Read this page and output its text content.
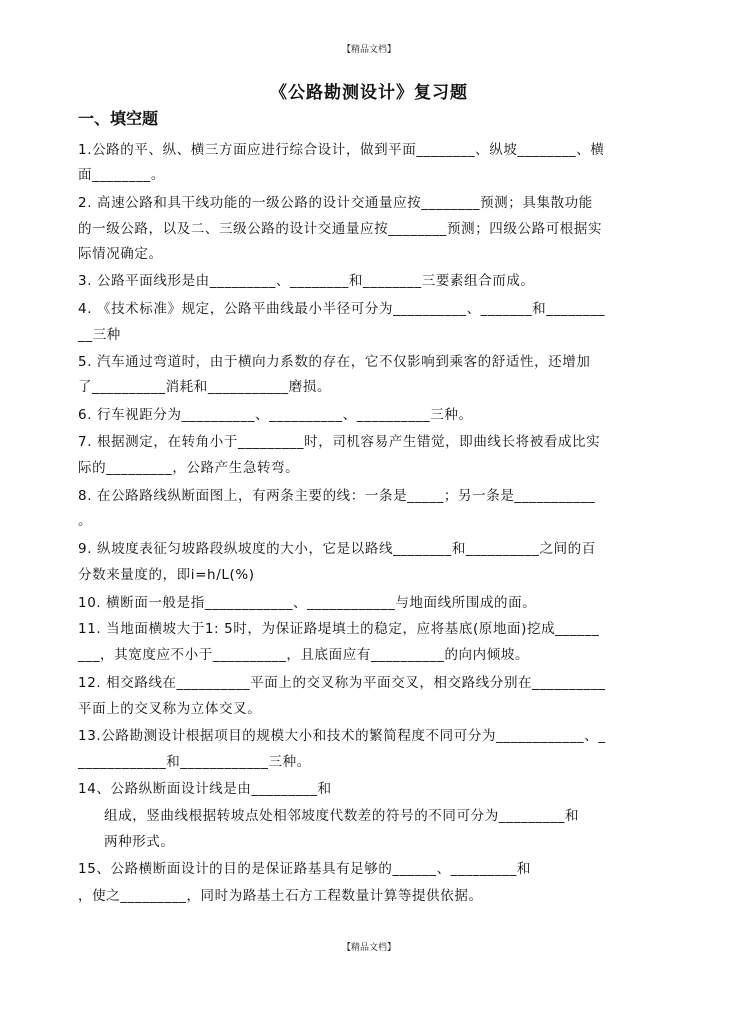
【精品文档】
《公路勘测设计》复习题
一、填空题
1.公路的平、纵、横三方面应进行综合设计，做到平面________、纵坡________、横
面________。
2. 高速公路和具干线功能的一级公路的设计交通量应按________预测；具集散功能
的一级公路，以及二、三级公路的设计交通量应按________预测；四级公路可根据实
际情况确定。
3. 公路平面线形是由_________、________和________三要素组合而成。
4. 《技术标准》规定，公路平曲线最小半径可分为__________、_______和________
__三种
5. 汽车通过弯道时，由于横向力系数的存在，它不仅影响到乘客的舒适性，还增加
了__________消耗和___________磨损。
6. 行车视距分为__________、__________、__________三种。
7. 根据测定，在转角小于_________时，司机容易产生错觉，即曲线长将被看成比实
际的_________，公路产生急转弯。
8. 在公路路线纵断面图上，有两条主要的线：一条是_____；另一条是___________
。
9. 纵坡度表征匀坡路段纵坡度的大小，它是以路线________和__________之间的百
分数来量度的，即i=h/L(%)
10. 横断面一般是指____________、____________与地面线所围成的面。
11. 当地面横坡大于1: 5时，为保证路堤填土的稳定，应将基底(原地面)挖成______
___，其宽度应不小于__________，且底面应有__________的向内倾坡。
12. 相交路线在__________平面上的交叉称为平面交叉，相交路线分别在__________
平面上的交叉称为立体交叉。
13.公路勘测设计根据项目的规模大小和技术的繁简程度不同可分为____________、_
____________和____________三种。
14、公路纵断面设计线是由_________和
组成，竖曲线根据转坡点处相邻坡度代数差的符号的不同可分为_________和
两种形式。
15、公路横断面设计的目的是保证路基具有足够的______、_________和
，使之_________，同时为路基土石方工程数量计算等提供依据。
【精品文档】
